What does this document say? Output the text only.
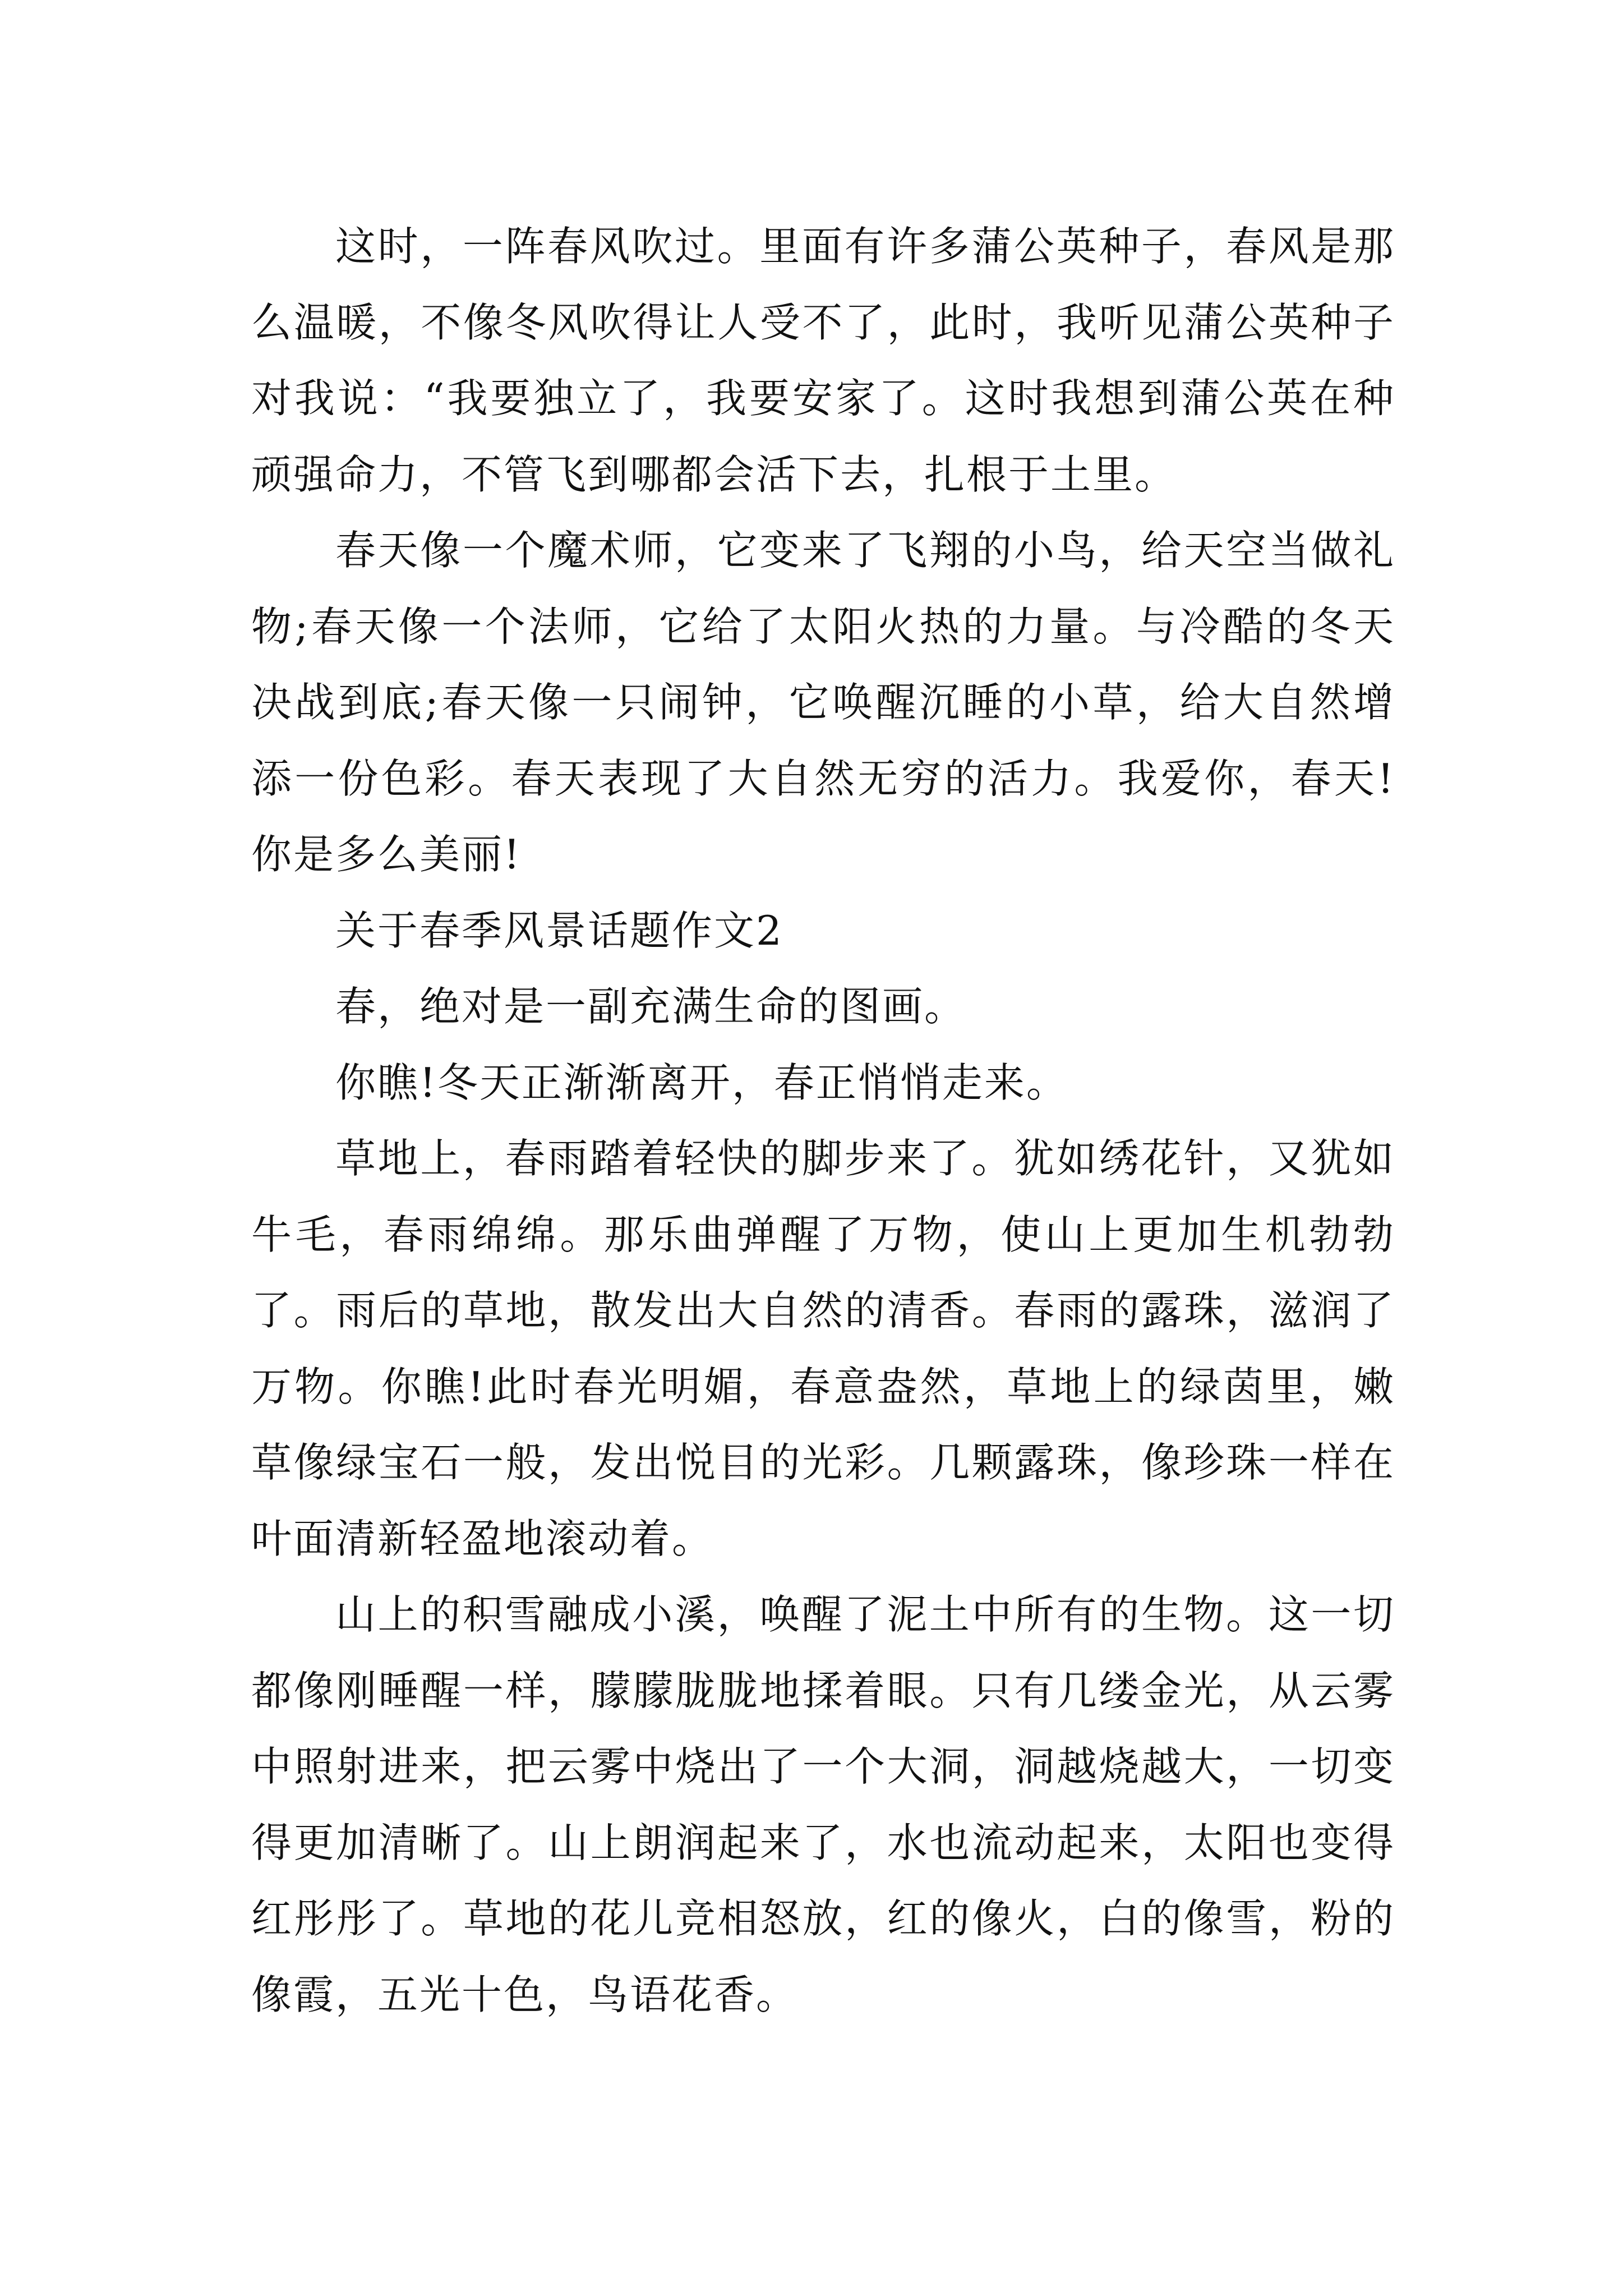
这时，一阵春风吹过。里面有许多蒲公英种子，春风是那么温暖，不像冬风吹得让人受不了，此时，我听见蒲公英种子对我说：“我要独立了，我要安家了。这时我想到蒲公英在种顽强命力，不管飞到哪都会活下去，扎根于土里。

春天像一个魔术师，它变来了飞翔的小鸟，给天空当做礼物;春天像一个法师，它给了太阳火热的力量。与冷酷的冬天决战到底;春天像一只闹钟，它唤醒沉睡的小草，给大自然增添一份色彩。春天表现了大自然无穷的活力。我爱你，春天!你是多么美丽!

关于春季风景话题作文2

春，绝对是一副充满生命的图画。

你瞧!冬天正渐渐离开，春正悄悄走来。

草地上，春雨踏着轻快的脚步来了。犹如绣花针，又犹如牛毛，春雨绵绵。那乐曲弹醒了万物，使山上更加生机勃勃了。雨后的草地，散发出大自然的清香。春雨的露珠，滋润了万物。你瞧!此时春光明媚，春意盎然，草地上的绿茵里，嫩草像绿宝石一般，发出悦目的光彩。几颗露珠，像珍珠一样在叶面清新轻盈地滚动着。

山上的积雪融成小溪，唤醒了泥土中所有的生物。这一切都像刚睡醒一样，朦朦胧胧地揉着眼。只有几缕金光，从云雾中照射进来，把云雾中烧出了一个大洞，洞越烧越大，一切变得更加清晰了。山上朗润起来了，水也流动起来，太阳也变得红彤彤了。草地的花儿竞相怒放，红的像火，白的像雪，粉的像霞，五光十色，鸟语花香。
